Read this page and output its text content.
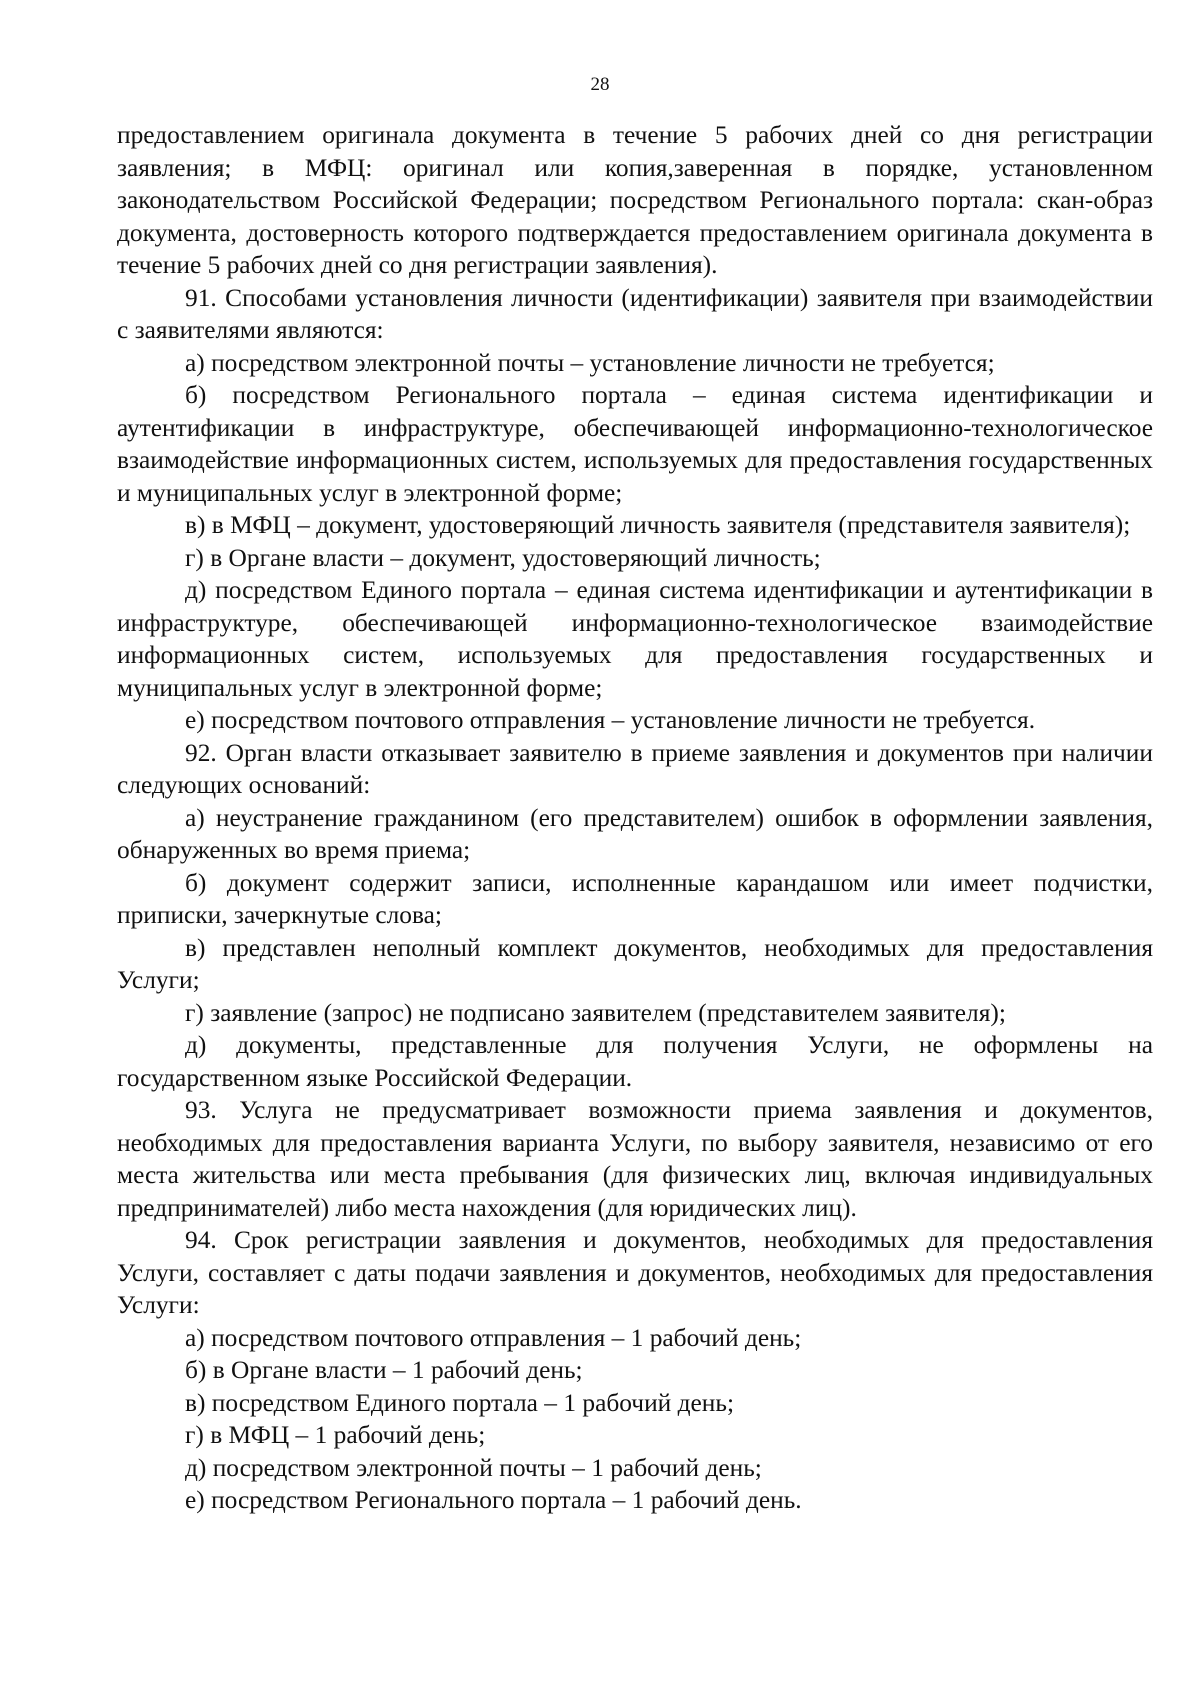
28

предоставлением оригинала документа в течение 5 рабочих дней со дня регистрации заявления; в МФЦ: оригинал или копия,заверенная в порядке, установленном законодательством Российской Федерации; посредством Регионального портала: скан-образ документа, достоверность которого подтверждается предоставлением оригинала документа в течение 5 рабочих дней со дня регистрации заявления).

91. Способами установления личности (идентификации) заявителя при взаимодействии с заявителями являются:

а) посредством электронной почты – установление личности не требуется;

б) посредством Регионального портала – единая система идентификации и аутентификации в инфраструктуре, обеспечивающей информационно-технологическое взаимодействие информационных систем, используемых для предоставления государственных и муниципальных услуг в электронной форме;

в) в МФЦ – документ, удостоверяющий личность заявителя (представителя заявителя);

г) в Органе власти – документ, удостоверяющий личность;

д) посредством Единого портала – единая система идентификации и аутентификации в инфраструктуре, обеспечивающей информационно-технологическое взаимодействие информационных систем, используемых для предоставления государственных и муниципальных услуг в электронной форме;

е) посредством почтового отправления – установление личности не требуется.

92. Орган власти отказывает заявителю в приеме заявления и документов при наличии следующих оснований:

а) неустранение гражданином (его представителем) ошибок в оформлении заявления, обнаруженных во время приема;

б) документ содержит записи, исполненные карандашом или имеет подчистки, приписки, зачеркнутые слова;

в) представлен неполный комплект документов, необходимых для предоставления Услуги;

г) заявление (запрос) не подписано заявителем (представителем заявителя);

д) документы, представленные для получения Услуги, не оформлены на государственном языке Российской Федерации.

93. Услуга не предусматривает возможности приема заявления и документов, необходимых для предоставления варианта Услуги, по выбору заявителя, независимо от его места жительства или места пребывания (для физических лиц, включая индивидуальных предпринимателей) либо места нахождения (для юридических лиц).

94. Срок регистрации заявления и документов, необходимых для предоставления Услуги, составляет с даты подачи заявления и документов, необходимых для предоставления Услуги:

а) посредством почтового отправления – 1 рабочий день;

б) в Органе власти – 1 рабочий день;

в) посредством Единого портала – 1 рабочий день;

г) в МФЦ – 1 рабочий день;

д) посредством электронной почты – 1 рабочий день;

е) посредством Регионального портала – 1 рабочий день.
